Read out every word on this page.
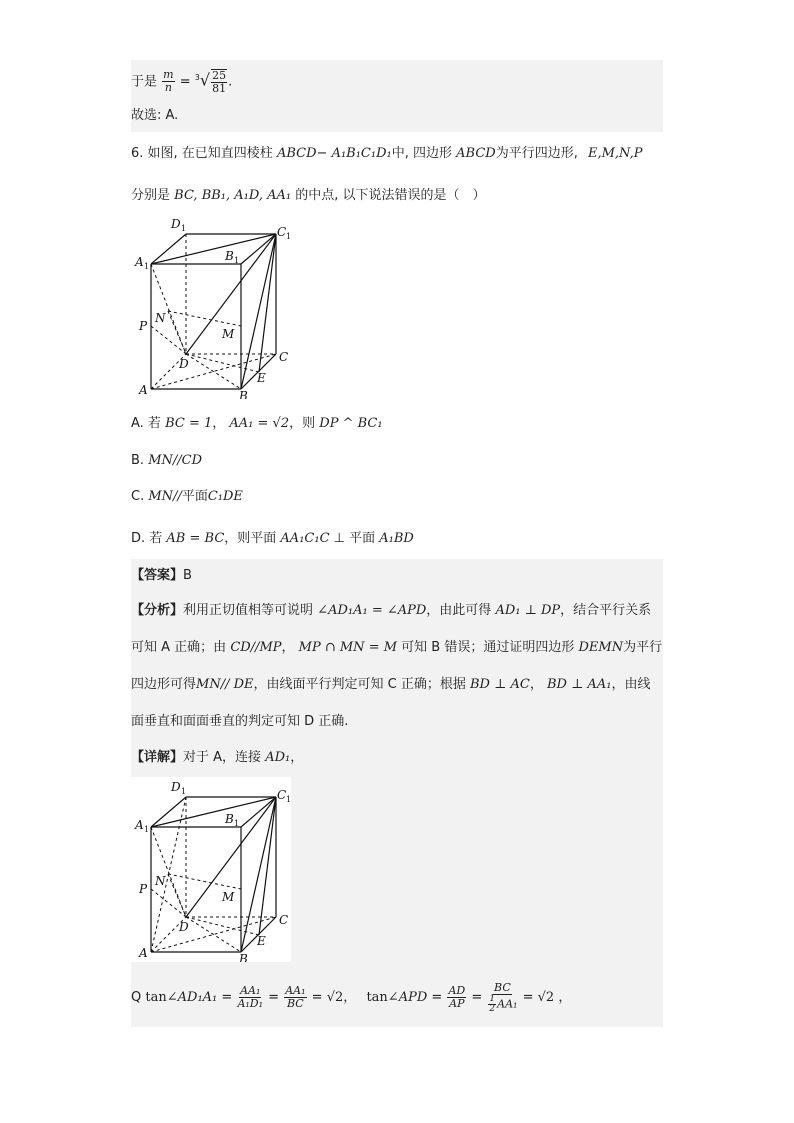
于是 $\frac{m}{n} = ^3√ \frac{25}{81}$ .
故选: A.
6. 如图, 在已知直四棱柱 ABCD− A₁B₁C₁D₁中, 四边形 ABCD为平行四边形, E,M,N,P
分别是 BC, BB₁, A₁D, AA₁ 的中点, 以下说法错误的是（　）
D 1	C 1
A 1
B 1
P
N
M
D	C
E
A	B
A. 若 BC = 1， AA₁ = √2，则 DP ^ BC₁
B. MN//CD
C. MN//平面C₁DE
D. 若 AB = BC，则平面 AA₁C₁C ⊥ 平面 A₁BD
【答案】B
【分析】利用正切值相等可说明 ∠AD₁A₁ = ∠APD，由此可得 AD₁ ⊥ DP，结合平行关系
可知 A 正确；由 CD//MP， MP ∩ MN = M 可知 B 错误；通过证明四边形 DEMN为平行
四边形可得MN// DE，由线面平行判定可知 C 正确；根据 BD ⊥ AC， BD ⊥ AA₁，由线
面垂直和面面垂直的判定可知 D 正确.
【详解】对于 A，连接 AD₁，
D 1	C 1
A 1
B 1
P
N
M
D	C
E
A	B
Q tan∠AD₁A₁ = $\frac{\text{AA₁}}{\text{A₁D₁}} = \frac{\text{AA₁}}{BC} = √2$， tan∠APD = $\frac{AD}{AP} = \frac{BC}{\frac{1}{2} AA_1} = √2$ ，
